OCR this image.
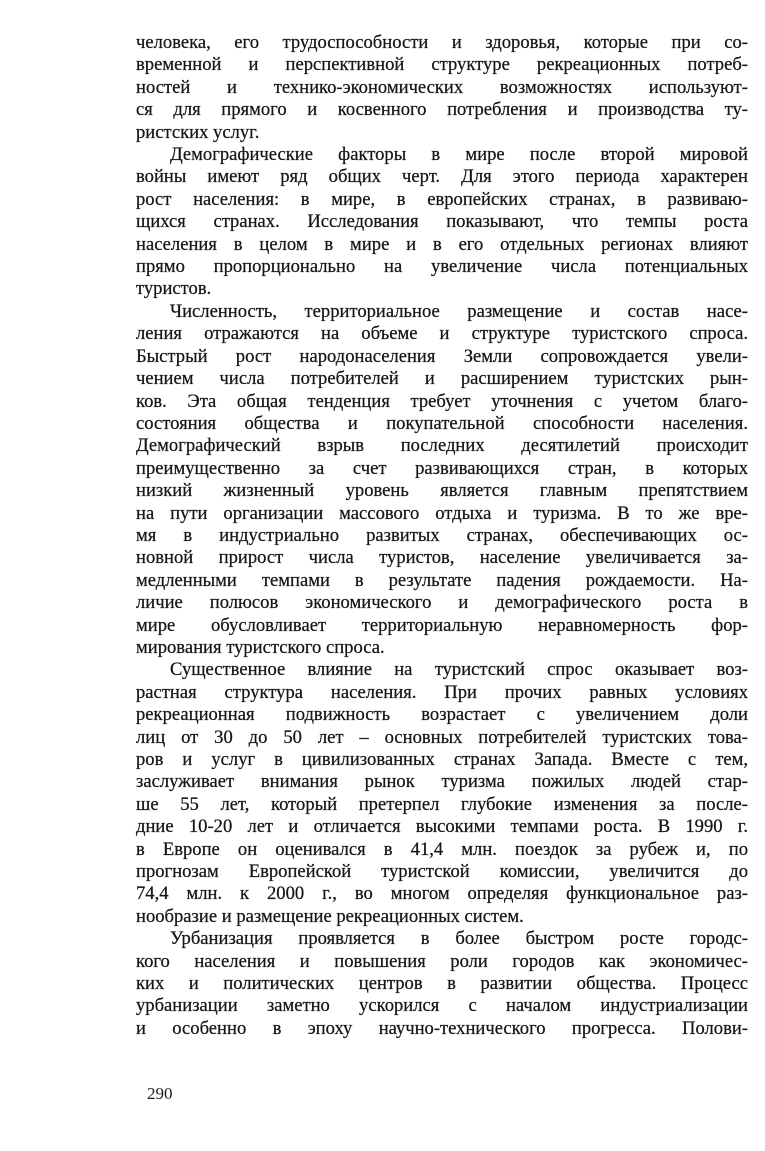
человека, его трудоспособности и здоровья, которые при со-
временной и перспективной структуре рекреационных потреб-
ностей и технико-экономических возможностях используют-
ся для прямого и косвенного потребления и производства ту-
ристских услуг.
Демографические факторы в мире после второй мировой
войны имеют ряд общих черт. Для этого периода характерен
рост населения: в мире, в европейских странах, в развиваю-
щихся странах. Исследования показывают, что темпы роста
населения в целом в мире и в его отдельных регионах влияют
прямо пропорционально на увеличение числа потенциальных
туристов.
Численность, территориальное размещение и состав насе-
ления отражаются на объеме и структуре туристского спроса.
Быстрый рост народонаселения Земли сопровождается увели-
чением числа потребителей и расширением туристских рын-
ков. Эта общая тенденция требует уточнения с учетом благо-
состояния общества и покупательной способности населения.
Демографический взрыв последних десятилетий происходит
преимущественно за счет развивающихся стран, в которых
низкий жизненный уровень является главным препятствием
на пути организации массового отдыха и туризма. В то же вре-
мя в индустриально развитых странах, обеспечивающих ос-
новной прирост числа туристов, население увеличивается за-
медленными темпами в результате падения рождаемости. На-
личие полюсов экономического и демографического роста в
мире обусловливает территориальную неравномерность фор-
мирования туристского спроса.
Существенное влияние на туристский спрос оказывает воз-
растная структура населения. При прочих равных условиях
рекреационная подвижность возрастает с увеличением доли
лиц от 30 до 50 лет – основных потребителей туристских това-
ров и услуг в цивилизованных странах Запада. Вместе с тем,
заслуживает внимания рынок туризма пожилых людей стар-
ше 55 лет, который претерпел глубокие изменения за после-
дние 10-20 лет и отличается высокими темпами роста. В 1990 г.
в Европе он оценивался в 41,4 млн. поездок за рубеж и, по
прогнозам Европейской туристской комиссии, увеличится до
74,4 млн. к 2000 г., во многом определяя функциональное раз-
нообразие и размещение рекреационных систем.
Урбанизация проявляется в более быстром росте городс-
кого населения и повышения роли городов как экономичес-
ких и политических центров в развитии общества. Процесс
урбанизации заметно ускорился с началом индустриализации
и особенно в эпоху научно-технического прогресса. Полови-
290
